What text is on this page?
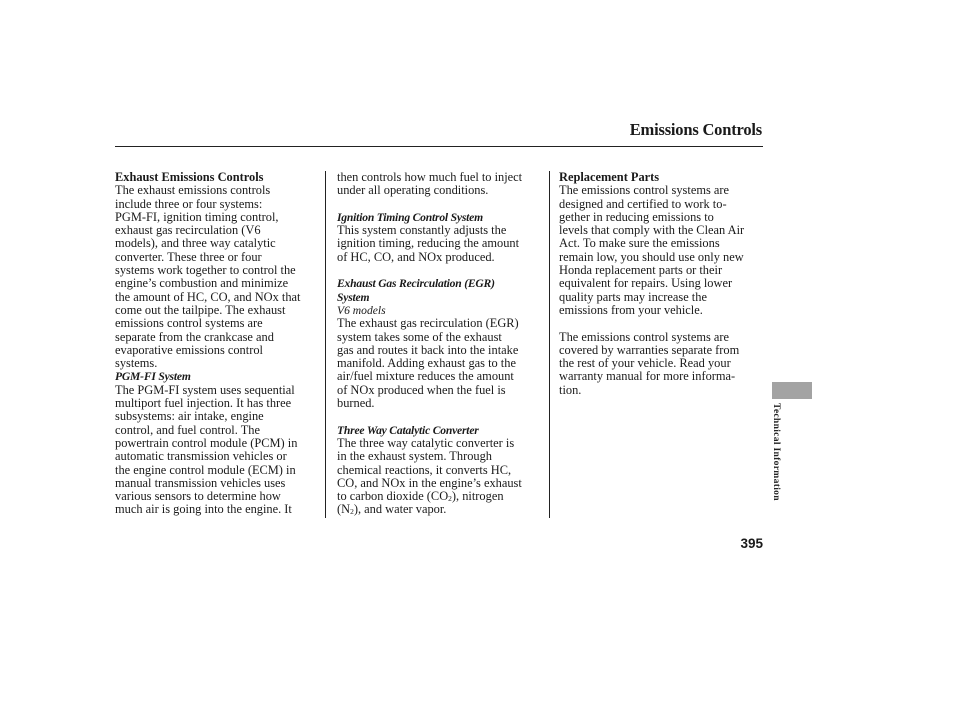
Emissions Controls
Exhaust Emissions Controls
The exhaust emissions controls
include three or four systems:
PGM-FI, ignition timing control,
exhaust gas recirculation (V6
models), and three way catalytic
converter. These three or four
systems work together to control the
engine’s combustion and minimize
the amount of HC, CO, and NOx that
come out the tailpipe. The exhaust
emissions control systems are
separate from the crankcase and
evaporative emissions control
systems.
PGM-FI System
The PGM-FI system uses sequential
multiport fuel injection. It has three
subsystems: air intake, engine
control, and fuel control. The
powertrain control module (PCM) in
automatic transmission vehicles or
the engine control module (ECM) in
manual transmission vehicles uses
various sensors to determine how
much air is going into the engine. It
then controls how much fuel to inject
under all operating conditions.
Ignition Timing Control System
This system constantly adjusts the
ignition timing, reducing the amount
of HC, CO, and NOx produced.
Exhaust Gas Recirculation (EGR)
System
V6 models
The exhaust gas recirculation (EGR)
system takes some of the exhaust
gas and routes it back into the intake
manifold. Adding exhaust gas to the
air/fuel mixture reduces the amount
of NOx produced when the fuel is
burned.
Three Way Catalytic Converter
The three way catalytic converter is
in the exhaust system. Through
chemical reactions, it converts HC,
CO, and NOx in the engine’s exhaust
to carbon dioxide $(CO_2)$, nitrogen
$(N_2)$, and water vapor.
Replacement Parts
The emissions control systems are
designed and certified to work to-
gether in reducing emissions to
levels that comply with the Clean Air
Act. To make sure the emissions
remain low, you should use only new
Honda replacement parts or their
equivalent for repairs. Using lower
quality parts may increase the
emissions from your vehicle.
The emissions control systems are
covered by warranties separate from
the rest of your vehicle. Read your
warranty manual for more informa-
tion.
Technical Information
395
